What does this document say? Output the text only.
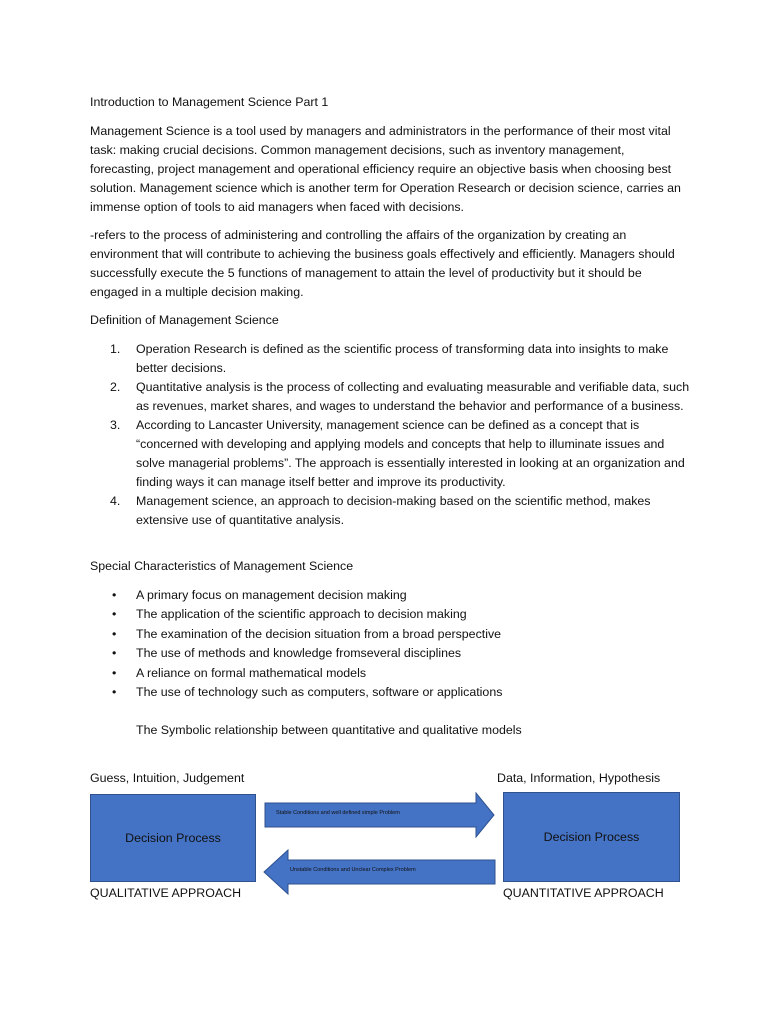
Introduction to Management Science Part 1

Management Science is a tool used by managers and administrators in the performance of their most vital task: making crucial decisions. Common management decisions, such as inventory management, forecasting, project management and operational efficiency require an objective basis when choosing best solution. Management science which is another term for Operation Research or decision science, carries an immense option of tools to aid managers when faced with decisions.

-refers to the process of administering and controlling the affairs of the organization by creating an environment that will contribute to achieving the business goals effectively and efficiently. Managers should successfully execute the 5 functions of management to attain the level of productivity but it should be engaged in a multiple decision making.

Definition of Management Science

1. Operation Research is defined as the scientific process of transforming data into insights to make better decisions.
2. Quantitative analysis is the process of collecting and evaluating measurable and verifiable data, such as revenues, market shares, and wages to understand the behavior and performance of a business.
3. According to Lancaster University, management science can be defined as a concept that is “concerned with developing and applying models and concepts that help to illuminate issues and solve managerial problems”. The approach is essentially interested in looking at an organization and finding ways it can manage itself better and improve its productivity.
4. Management science, an approach to decision-making based on the scientific method, makes extensive use of quantitative analysis.

Special Characteristics of Management Science

• A primary focus on management decision making
• The application of the scientific approach to decision making
• The examination of the decision situation from a broad perspective
• The use of methods and knowledge fromseveral disciplines
• A reliance on formal mathematical models
• The use of technology such as computers, software or applications

The Symbolic relationship between quantitative and qualitative models

Guess, Intuition, Judgement	Data, Information, Hypothesis
Decision Process	Decision Process
Stable Conditions and well defined simple Problem
Unstable Conditions and Unclear Complex Problem
QUALITATIVE APPROACH	QUANTITATIVE APPROACH
